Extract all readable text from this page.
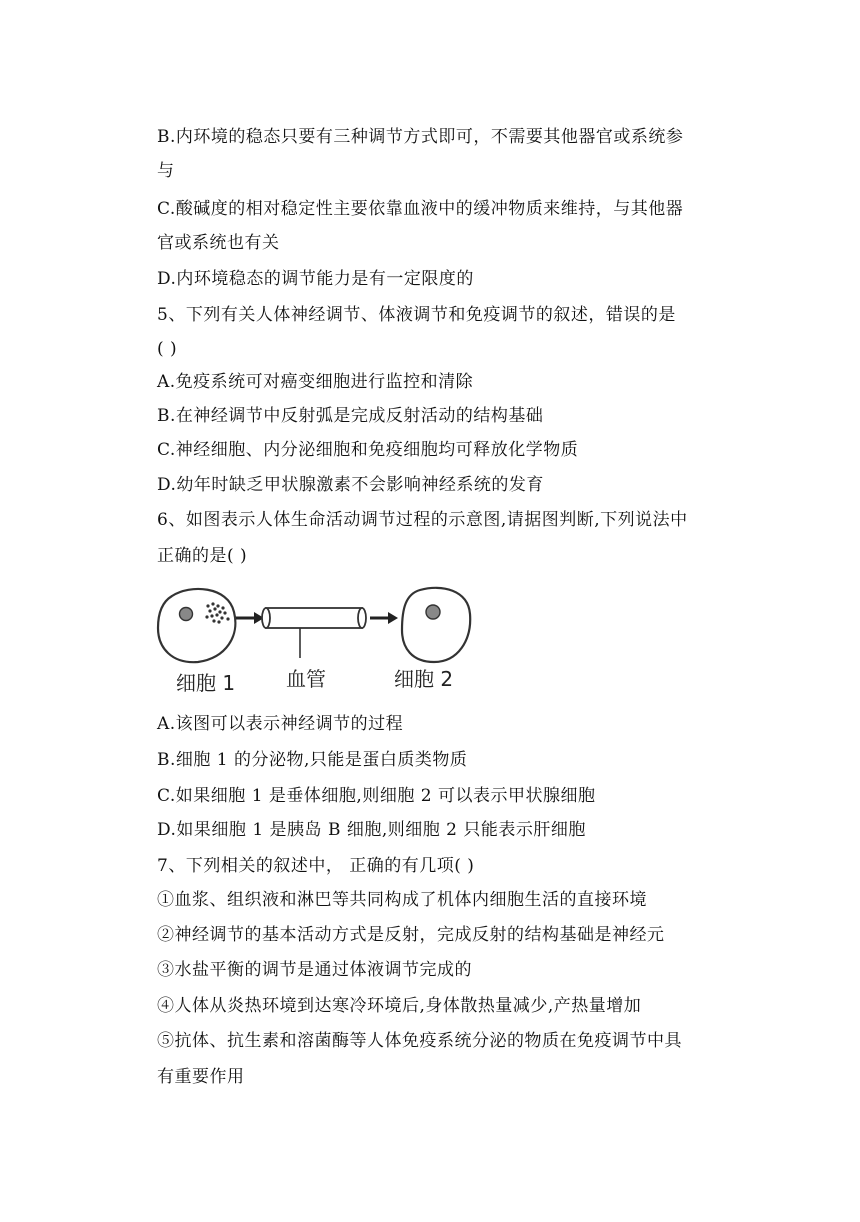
B.内环境的稳态只要有三种调节方式即可，不需要其他器官或系统参
与
C.酸碱度的相对稳定性主要依靠血液中的缓冲物质来维持，与其他器
官或系统也有关
D.内环境稳态的调节能力是有一定限度的
5、下列有关人体神经调节、体液调节和免疫调节的叙述，错误的是
( )
A.免疫系统可对癌变细胞进行监控和清除
B.在神经调节中反射弧是完成反射活动的结构基础
C.神经细胞、内分泌细胞和免疫细胞均可释放化学物质
D.幼年时缺乏甲状腺激素不会影响神经系统的发育
6、如图表示人体生命活动调节过程的示意图,请据图判断,下列说法中
正确的是( )
细胞 1	血管	细胞 2
A.该图可以表示神经调节的过程
B.细胞 1 的分泌物,只能是蛋白质类物质
C.如果细胞 1 是垂体细胞,则细胞 2 可以表示甲状腺细胞
D.如果细胞 1 是胰岛 B 细胞,则细胞 2 只能表示肝细胞
7、下列相关的叙述中， 正确的有几项( )
①血浆、组织液和淋巴等共同构成了机体内细胞生活的直接环境
②神经调节的基本活动方式是反射，完成反射的结构基础是神经元
③水盐平衡的调节是通过体液调节完成的
④人体从炎热环境到达寒冷环境后,身体散热量减少,产热量增加
⑤抗体、抗生素和溶菌酶等人体免疫系统分泌的物质在免疫调节中具
有重要作用
